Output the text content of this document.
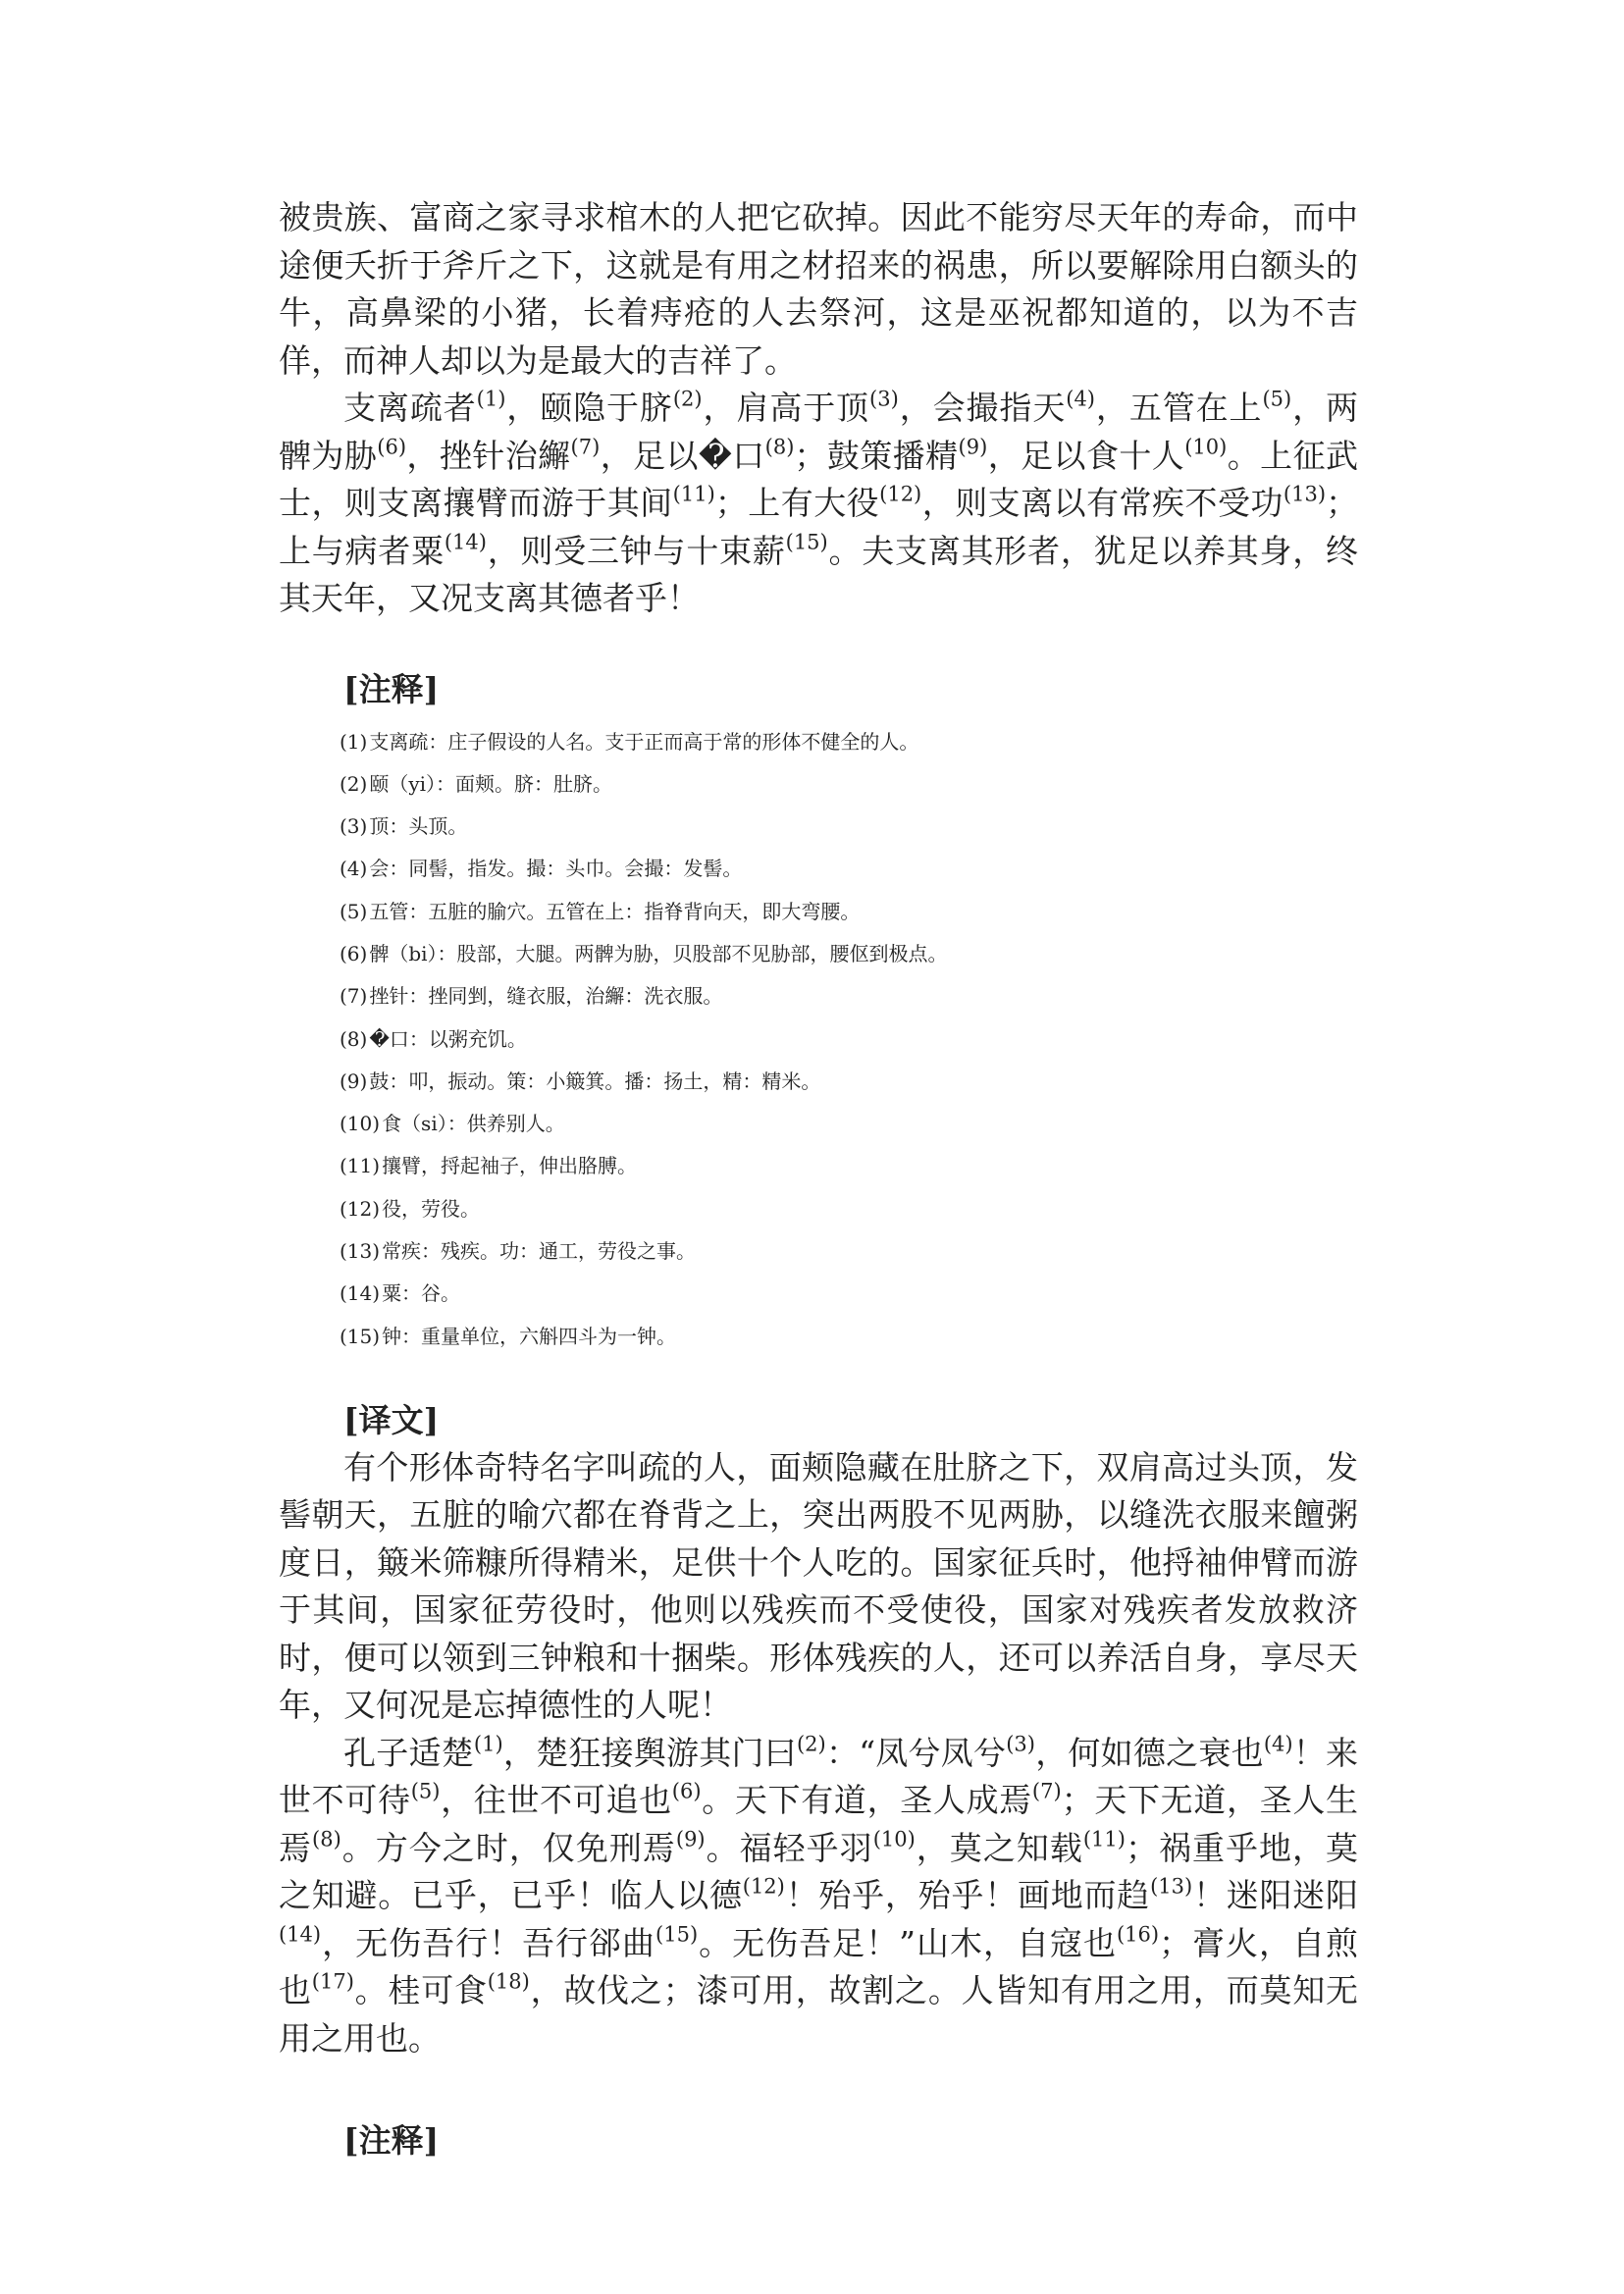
被贵族、富商之家寻求棺木的人把它砍掉。因此不能穷尽天年的寿命，而中途便夭折于斧斤之下，这就是有用之材招来的祸患，所以要解除用白额头的牛，高鼻梁的小猪，长着痔疮的人去祭河，这是巫祝都知道的，以为不吉佯，而神人却以为是最大的吉祥了。

支离疏者$^{(1)}$，颐隐于脐$^{(2)}$，肩高于顶$^{(3)}$，会撮指天$^{(4)}$，五管在上$^{(5)}$，两髀为胁$^{(6)}$，挫针治繲$^{(7)}$，足以�口$^{(8)}$；鼓策播精$^{(9)}$，足以食十人$^{(10)}$。上征武士，则支离攘臂而游于其间$^{(11)}$；上有大役$^{(12)}$，则支离以有常疾不受功$^{(13)}$；上与病者粟$^{(14)}$，则受三钟与十束薪$^{(15)}$。夫支离其形者，犹足以养其身，终其天年，又况支离其德者乎！

[注释]
(1) 支离疏：庄子假设的人名。支于正而高于常的形体不健全的人。
(2) 颐（yi）：面颊。脐：肚脐。
(3) 顶：头顶。
(4) 会：同髻，指发。撮：头巾。会撮：发髻。
(5) 五管：五脏的腧穴。五管在上：指脊背向天，即大弯腰。
(6) 髀（bi）：股部，大腿。两髀为胁，贝股部不见胁部，腰伛到极点。
(7) 挫针：挫同剉，缝衣服，治繲：洗衣服。
(8) �口：以粥充饥。
(9) 鼓：叩，振动。策：小簸箕。播：扬土，精：精米。
(10) 食（si）：供养别人。
(11) 攘臂，捋起袖子，伸出胳膊。
(12) 役，劳役。
(13) 常疾：残疾。功：通工，劳役之事。
(14) 粟：谷。
(15) 钟：重量单位，六斛四斗为一钟。
[译文]

有个形体奇特名字叫疏的人，面颊隐藏在肚脐之下，双肩高过头顶，发髻朝天，五脏的喻穴都在脊背之上，突出两股不见两胁，以缝洗衣服来饘粥度日，簸米筛糠所得精米，足供十个人吃的。国家征兵时，他捋袖伸臂而游于其间，国家征劳役时，他则以残疾而不受使役，国家对残疾者发放救济时，便可以领到三钟粮和十捆柴。形体残疾的人，还可以养活自身，享尽天年，又何况是忘掉德性的人呢！

孔子适楚$^{(1)}$，楚狂接舆游其门曰$^{(2)}$：“凤兮凤兮$^{(3)}$，何如德之衰也$^{(4)}$！来世不可待$^{(5)}$，往世不可追也$^{(6)}$。天下有道，圣人成焉$^{(7)}$；天下无道，圣人生焉$^{(8)}$。方今之时，仅免刑焉$^{(9)}$。福轻乎羽$^{(10)}$，莫之知载$^{(11)}$；祸重乎地，莫之知避。已乎，已乎！临人以德$^{(12)}$！殆乎，殆乎！画地而趋$^{(13)}$！迷阳迷阳$^{(14)}$，无伤吾行！吾行郤曲$^{(15)}$。无伤吾足！”山木，自寇也$^{(16)}$；膏火，自煎也$^{(17)}$。桂可食$^{(18)}$，故伐之；漆可用，故割之。人皆知有用之用，而莫知无用之用也。

[注释]
